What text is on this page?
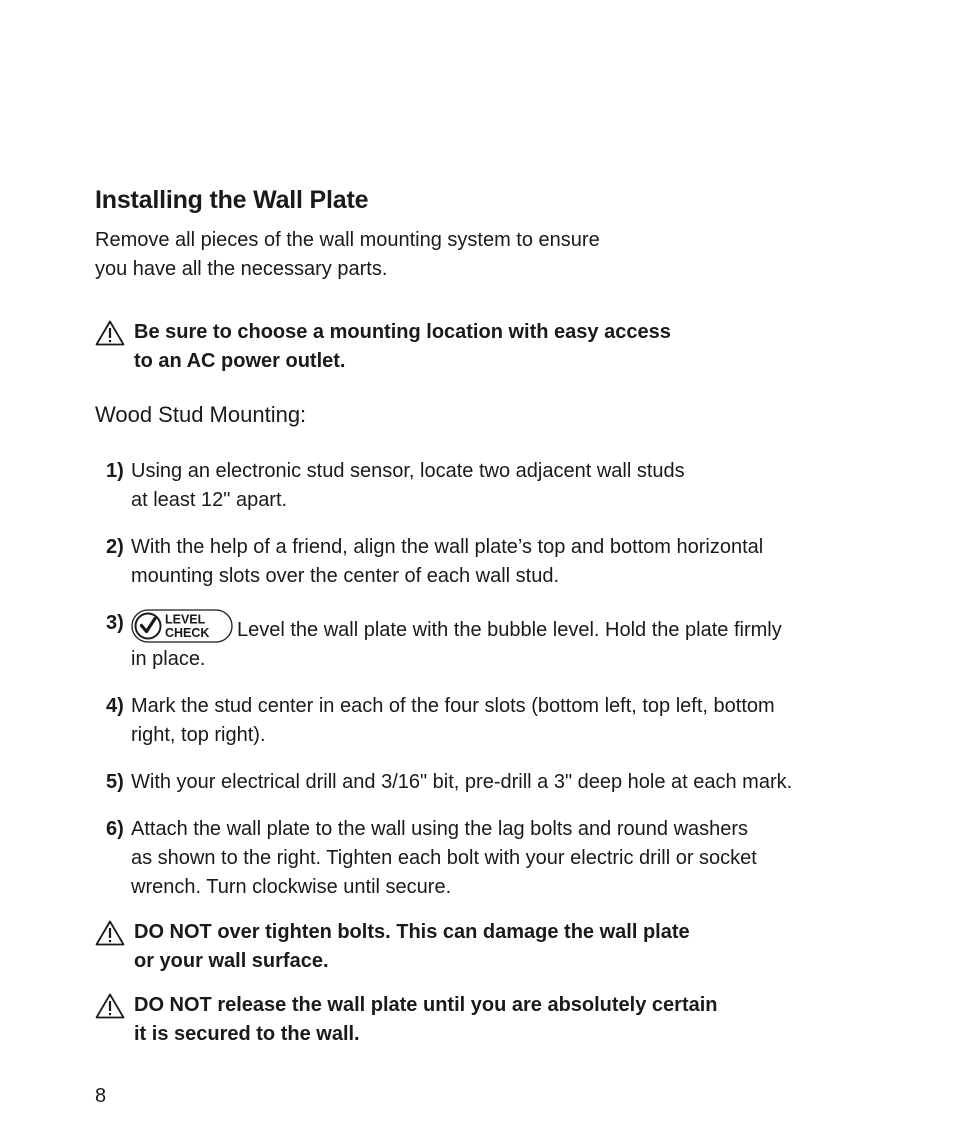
Installing the Wall Plate

Remove all pieces of the wall mounting system to ensure
you have all the necessary parts.

Be sure to choose a mounting location with easy access
to an AC power outlet.
Wood Stud Mounting:
1) Using an electronic stud sensor, locate two adjacent wall studs
at least 12" apart.
2) With the help of a friend, align the wall plate’s top and bottom horizontal
mounting slots over the center of each wall stud.
3)	LEVEL
CHECK Level the wall plate with the bubble level. Hold the plate firmly
in place.
4) Mark the stud center in each of the four slots (bottom left, top left, bottom
right, top right).
5) With your electrical drill and 3/16" bit, pre-drill a 3" deep hole at each mark.
6) Attach the wall plate to the wall using the lag bolts and round washers
as shown to the right. Tighten each bolt with your electric drill or socket
wrench. Turn clockwise until secure.
DO NOT over tighten bolts. This can damage the wall plate
or your wall surface.
DO NOT release the wall plate until you are absolutely certain
it is secured to the wall.
8
